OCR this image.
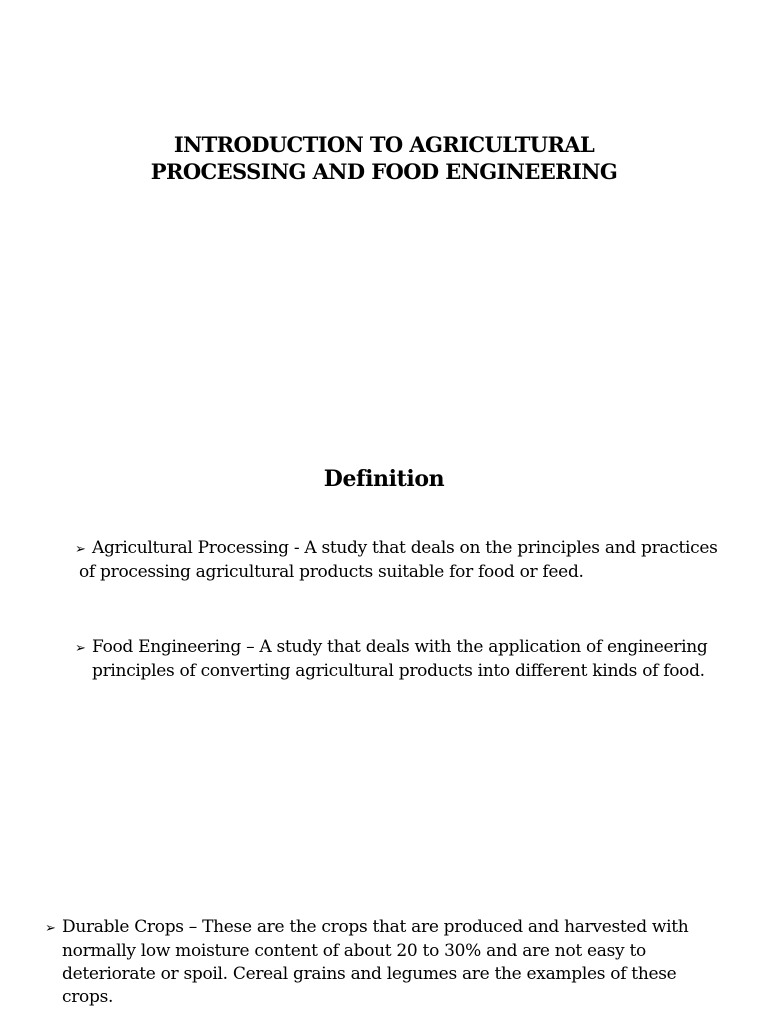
INTRODUCTION TO AGRICULTURAL
PROCESSING AND FOOD ENGINEERING
Definition
➢ Agricultural Processing - A study that deals on the principles and practices
of processing agricultural products suitable for food or feed.
➢ Food Engineering – A study that deals with the application of engineering
principles of converting agricultural products into different kinds of food.
➢ Durable Crops – These are the crops that are produced and harvested with
normally low moisture content of about 20 to 30% and are not easy to
deteriorate or spoil. Cereal grains and legumes are the examples of these
crops.
